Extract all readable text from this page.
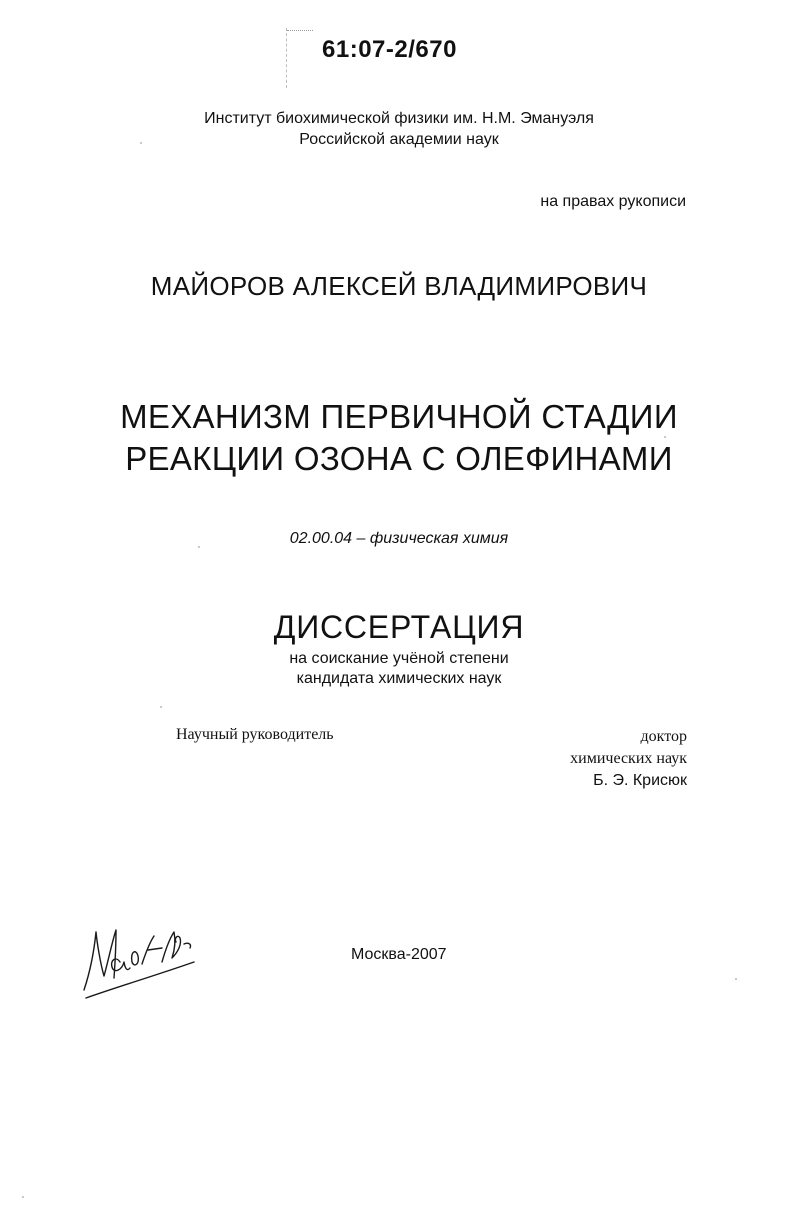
61:07-2/670
Институт биохимической физики им. Н.М. Эмануэля
Российской академии наук
на правах рукописи
МАЙОРОВ АЛЕКСЕЙ ВЛАДИМИРОВИЧ
МЕХАНИЗМ ПЕРВИЧНОЙ СТАДИИ
РЕАКЦИИ ОЗОНА С ОЛЕФИНАМИ
02.00.04 – физическая химия
ДИССЕРТАЦИЯ
на соискание учёной степени
кандидата химических наук
Научный руководитель	доктор
химических наук
Б. Э. Крисюк
Москва-2007
